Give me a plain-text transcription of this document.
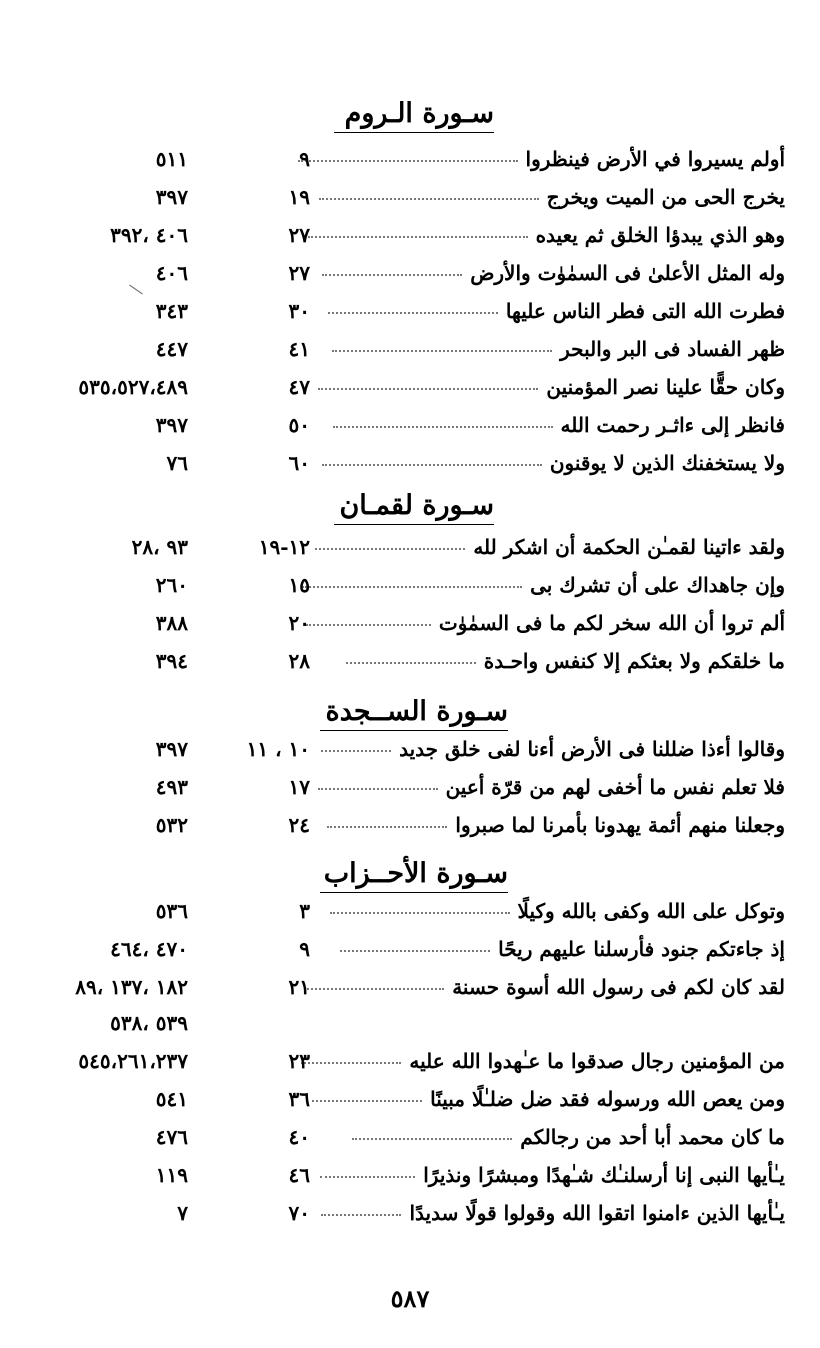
سـورة الـروم
أولم يسيروا في الأرض فينظروا
٩
٥١١
يخرج الحى من الميت ويخرج
١٩
٣٩٧
وهو الذي يبدؤا الخلق ثم يعيده
٢٧
٤٠٦ ،٣٩٢
وله المثل الأعلىٰ فى السمٰوٰت والأرض
٢٧
٤٠٦
فطرت الله التى فطر الناس عليها
٣٠
٣٤٣
ظهر الفساد فى البر والبحر
٤١
٤٤٧
وكان حقًّا علينا نصر المؤمنين
٤٧
٥٣٥،٥٢٧،٤٨٩
فانظر إلى ءاثـر رحمت الله
٥٠
٣٩٧
ولا يستخفنك الذين لا يوقنون
٦٠
٧٦
سـورة لقمـان
ولقد ءاتينا لقمـٰن الحكمة أن اشكر لله
١٢-١٩
٩٣ ،٢٨
وإن جاهداك على أن تشرك بى
١٥
٢٦٠
ألم تروا أن الله سخر لكم ما فى السمٰوٰت
٢٠
٣٨٨
ما خلقكم ولا بعثكم إلا كنفس واحـدة
٢٨
٣٩٤
سـورة الســجدة
وقالوا أءذا ضللنا فى الأرض أءنا لفى خلق جديد
١٠ ، ١١
٣٩٧
فلا تعلم نفس ما أخفى لهم من قرّة أعين
١٧
٤٩٣
وجعلنا منهم أئمة يهدونا بأمرنا لما صبروا
٢٤
٥٣٢
سـورة الأحــزاب
وتوكل على الله وكفى بالله وكيلًا
٣
٥٣٦
إذ جاءتكم جنود فأرسلنا عليهم ريحًا
٩
٤٧٠ ،٤٦٤
لقد كان لكم فى رسول الله أسوة حسنة
٢١
١٨٢ ،١٣٧ ،٨٩
٥٣٩ ،٥٣٨
من المؤمنين رجال صدقوا ما عـٰهدوا الله عليه
٢٣
٥٤٥،٢٦١،٢٣٧
ومن يعص الله ورسوله فقد ضل ضلـٰلًا مبينًا
٣٦
٥٤١
ما كان محمد أبا أحد من رجالكم
٤٠
٤٧٦
يـٰأيها النبى إنا أرسلنـٰك شـٰهدًا ومبشرًا ونذيرًا
٤٦
١١٩
يـٰأيها الذين ءامنوا اتقوا الله وقولوا قولًا سديدًا
٧٠
٧
٥٨٧
